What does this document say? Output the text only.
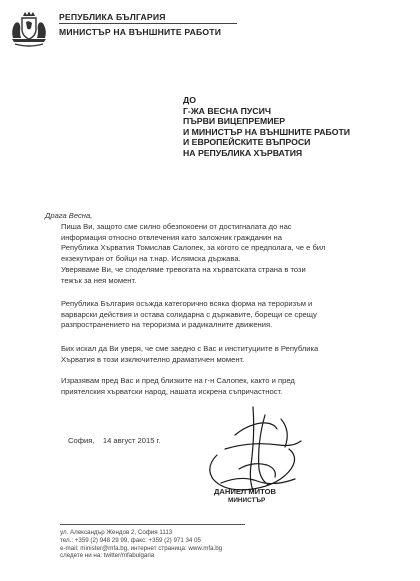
РЕПУБЛИКА БЪЛГАРИЯ
МИНИСТЪР НА ВЪНШНИТЕ РАБОТИ
ДО
Г-ЖА ВЕСНА ПУСИЧ
ПЪРВИ ВИЦЕПРЕМИЕР
И МИНИСТЪР НА ВЪНШНИТЕ РАБОТИ
И ЕВРОПЕЙСКИТЕ ВЪПРОСИ
НА РЕПУБЛИКА ХЪРВАТИЯ
Драга Весна,
Пиша Ви, защото сме силно обезпокоени от достигналата до нас
информация относно отвлечения като заложник гражданин на
Република Хърватия Томислав Салопек, за когото се предполага, че е бил
екзекутиран от бойци на т.нар. Ислямска държава.
Уверяваме Ви, че споделяме тревогата на хърватската страна в този
тежък за нея момент.
Република България осъжда категорично всяка форма на тероризъм и
варварски действия и остава солидарна с държавите, борещи се срещу
разпространението на тероризма и радикалните движения.
Бих искал да Ви уверя, че сме заедно с Вас и институциите в Република
Хърватия в този изключително драматичен момент.
Изразявам пред Вас и пред близките на г-н Салопек, както и пред
приятелския хърватски народ, нашата искрена съпричастност.
София,    14 август 2015 г.
ДАНИЕЛ МИТОВ
МИНИСТЪР
ул. Александър Жендов 2, София 1113
тел.: +359 (2) 948 29 99, факс: +359 (2) 971 34 05
e-mail: minister@mfa.bg, интернет страница: www.mfa.bg
следете ни на: twitter/mfabulgaria
